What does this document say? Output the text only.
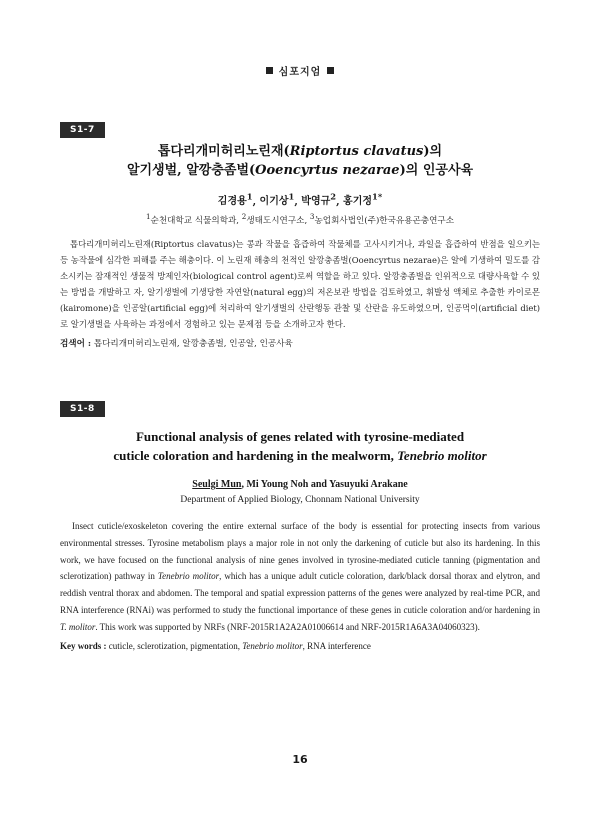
심포지엄
S1-7
톱다리개미허리노린재(Riptortus clavatus)의
알기생벌, 알깡충좀벌(Ooencyrtus nezarae)의 인공사육
김경용$^1$, 이기상$^1$, 박영규$^2$, 홍기정$^{1*}$
$^1$순천대학교 식물의학과, $^2$생태도시연구소, $^3$농업회사법인(주)한국유용곤충연구소
톱다리개미허리노린재(Riptortus clavatus)는 콩과 작물을 흡즙하여 작물체를 고사시키거나, 과일을 흡즙하여 반점을 일으키는 등 농작물에 심각한 피해를 주는 해충이다. 이 노린재 해충의 천적인 알깡충좀벌(Ooencyrtus nezarae)은 알에 기생하여 밀도를 감소시키는 잠재적인 생물적 방제인자(biological control agent)로써 역할을 하고 있다. 알깡충좀벌을 인위적으로 대량사육할 수 있는 방법을 개발하고 자, 알기생벌에 기생당한 자연알(natural egg)의 저온보관 방법을 검토하였고, 휘발성 액체로 추출한 카이로몬(kairomone)을 인공알(artificial egg)에 처리하여 알기생벌의 산란행동 관찰 및 산란을 유도하였으며, 인공먹이(artificial diet)로 알기생벌을 사육하는 과정에서 경험하고 있는 문제점 등을 소개하고자 한다.
검색어 : 톱다리개미허리노린재, 알깡충좀벌, 인공알, 인공사육
S1-8
Functional analysis of genes related with tyrosine-mediated
cuticle coloration and hardening in the mealworm, Tenebrio molitor
Seulgi Mun, Mi Young Noh and Yasuyuki Arakane
Department of Applied Biology, Chonnam National University
Insect cuticle/exoskeleton covering the entire external surface of the body is essential for protecting insects from various environmental stresses. Tyrosine metabolism plays a major role in not only the darkening of cuticle but also its hardening. In this work, we have focused on the functional analysis of nine genes involved in tyrosine-mediated cuticle tanning (pigmentation and sclerotization) pathway in Tenebrio molitor, which has a unique adult cuticle coloration, dark/black dorsal thorax and elytron, and reddish ventral thorax and abdomen. The temporal and spatial expression patterns of the genes were analyzed by real-time PCR, and RNA interference (RNAi) was performed to study the functional importance of these genes in cuticle coloration and/or hardening in T. molitor. This work was supported by NRFs (NRF-2015R1A2A2A01006614 and NRF-2015R1A6A3A04060323).
Key words : cuticle, sclerotization, pigmentation, Tenebrio molitor, RNA interference
16
